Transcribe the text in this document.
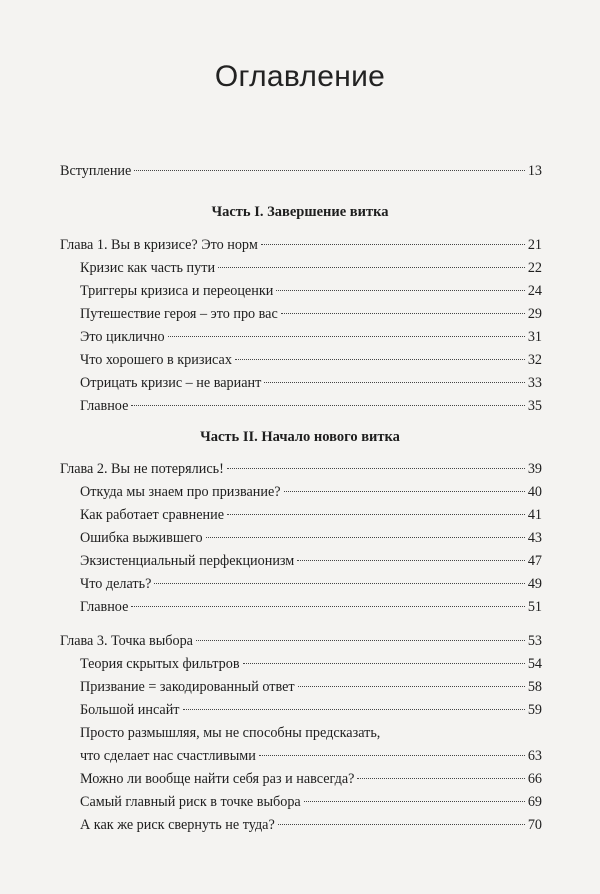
Оглавление
Вступление	13
Часть I. Завершение витка
Глава 1. Вы в кризисе? Это норм	21
Кризис как часть пути	22
Триггеры кризиса и переоценки	24
Путешествие героя – это про вас	29
Это циклично	31
Что хорошего в кризисах	32
Отрицать кризис – не вариант	33
Главное	35
Часть II. Начало нового витка
Глава 2. Вы не потерялись!	39
Откуда мы знаем про призвание?	40
Как работает сравнение	41
Ошибка выжившего	43
Экзистенциальный перфекционизм	47
Что делать?	49
Главное	51
Глава 3. Точка выбора	53
Теория скрытых фильтров	54
Призвание = закодированный ответ	58
Большой инсайт	59
Просто размышляя, мы не способны предсказать,
что сделает нас счастливыми	63
Можно ли вообще найти себя раз и навсегда?	66
Самый главный риск в точке выбора	69
А как же риск свернуть не туда?	70
